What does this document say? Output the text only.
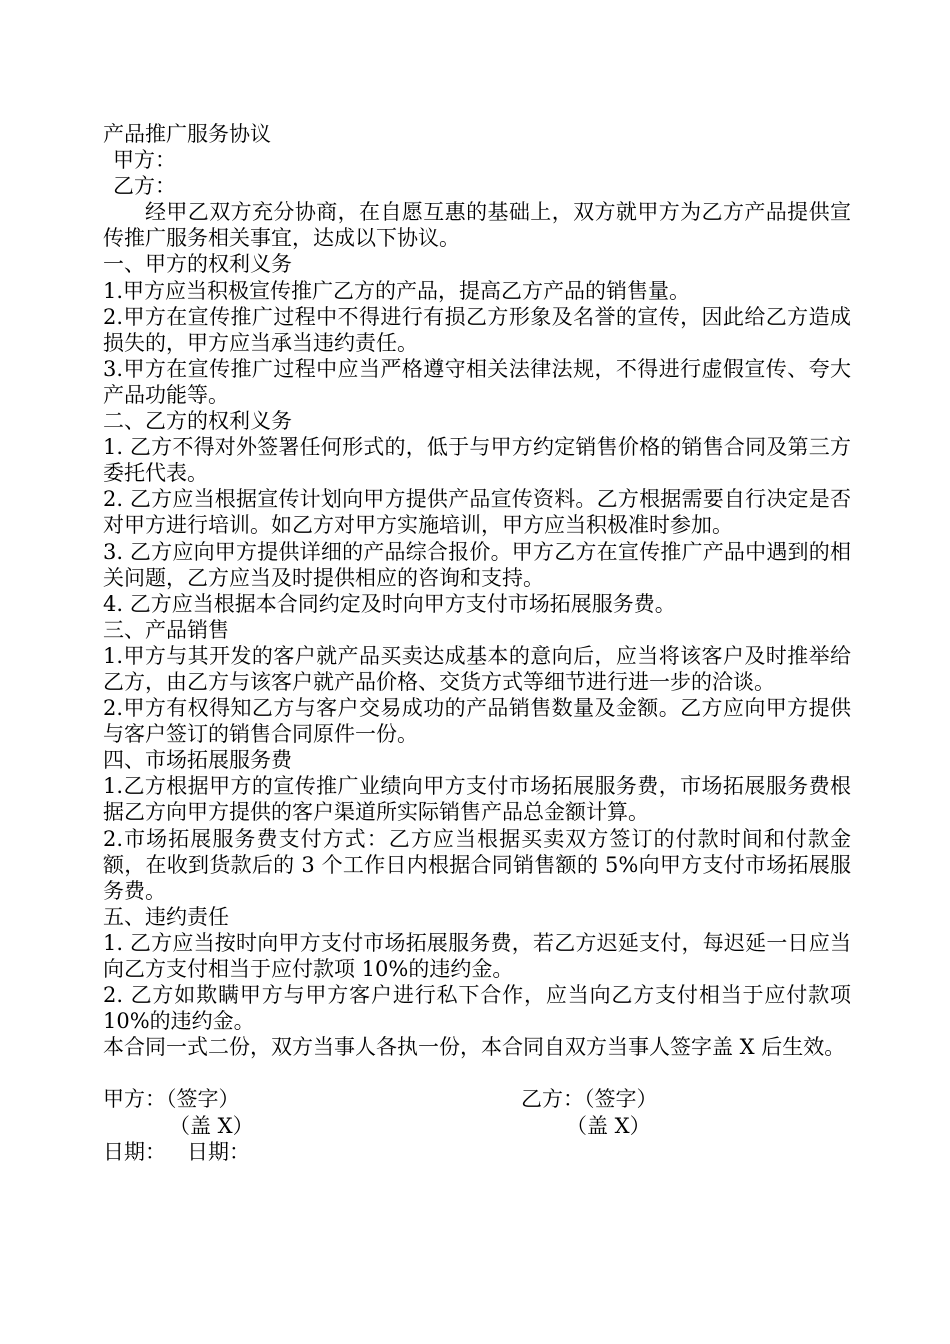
产品推广服务协议

甲方：

乙方：

经甲乙双方充分协商，在自愿互惠的基础上，双方就甲方为乙方产品提供宣传推广服务相关事宜，达成以下协议。

一、甲方的权利义务

1.甲方应当积极宣传推广乙方的产品，提高乙方产品的销售量。

2.甲方在宣传推广过程中不得进行有损乙方形象及名誉的宣传，因此给乙方造成损失的，甲方应当承当违约责任。

3.甲方在宣传推广过程中应当严格遵守相关法律法规，不得进行虚假宣传、夸大产品功能等。

二、乙方的权利义务

1. 乙方不得对外签署任何形式的，低于与甲方约定销售价格的销售合同及第三方委托代表。

2. 乙方应当根据宣传计划向甲方提供产品宣传资料。乙方根据需要自行决定是否对甲方进行培训。如乙方对甲方实施培训，甲方应当积极准时参加。

3. 乙方应向甲方提供详细的产品综合报价。甲方乙方在宣传推广产品中遇到的相关问题，乙方应当及时提供相应的咨询和支持。

4. 乙方应当根据本合同约定及时向甲方支付市场拓展服务费。

三、产品销售

1.甲方与其开发的客户就产品买卖达成基本的意向后，应当将该客户及时推举给乙方，由乙方与该客户就产品价格、交货方式等细节进行进一步的洽谈。

2.甲方有权得知乙方与客户交易成功的产品销售数量及金额。乙方应向甲方提供与客户签订的销售合同原件一份。

四、市场拓展服务费

1.乙方根据甲方的宣传推广业绩向甲方支付市场拓展服务费，市场拓展服务费根据乙方向甲方提供的客户渠道所实际销售产品总金额计算。

2.市场拓展服务费支付方式：乙方应当根据买卖双方签订的付款时间和付款金额，在收到货款后的 3 个工作日内根据合同销售额的 5%向甲方支付市场拓展服务费。

五、违约责任

1. 乙方应当按时向甲方支付市场拓展服务费，若乙方迟延支付，每迟延一日应当向乙方支付相当于应付款项 10%的违约金。

2. 乙方如欺瞒甲方与甲方客户进行私下合作，应当向乙方支付相当于应付款项 10%的违约金。

本合同一式二份，双方当事人各执一份，本合同自双方当事人签字盖 X 后生效。

甲方：（签字）	乙方：（签字）
（盖 X）	（盖 X）
日期： 日期：
